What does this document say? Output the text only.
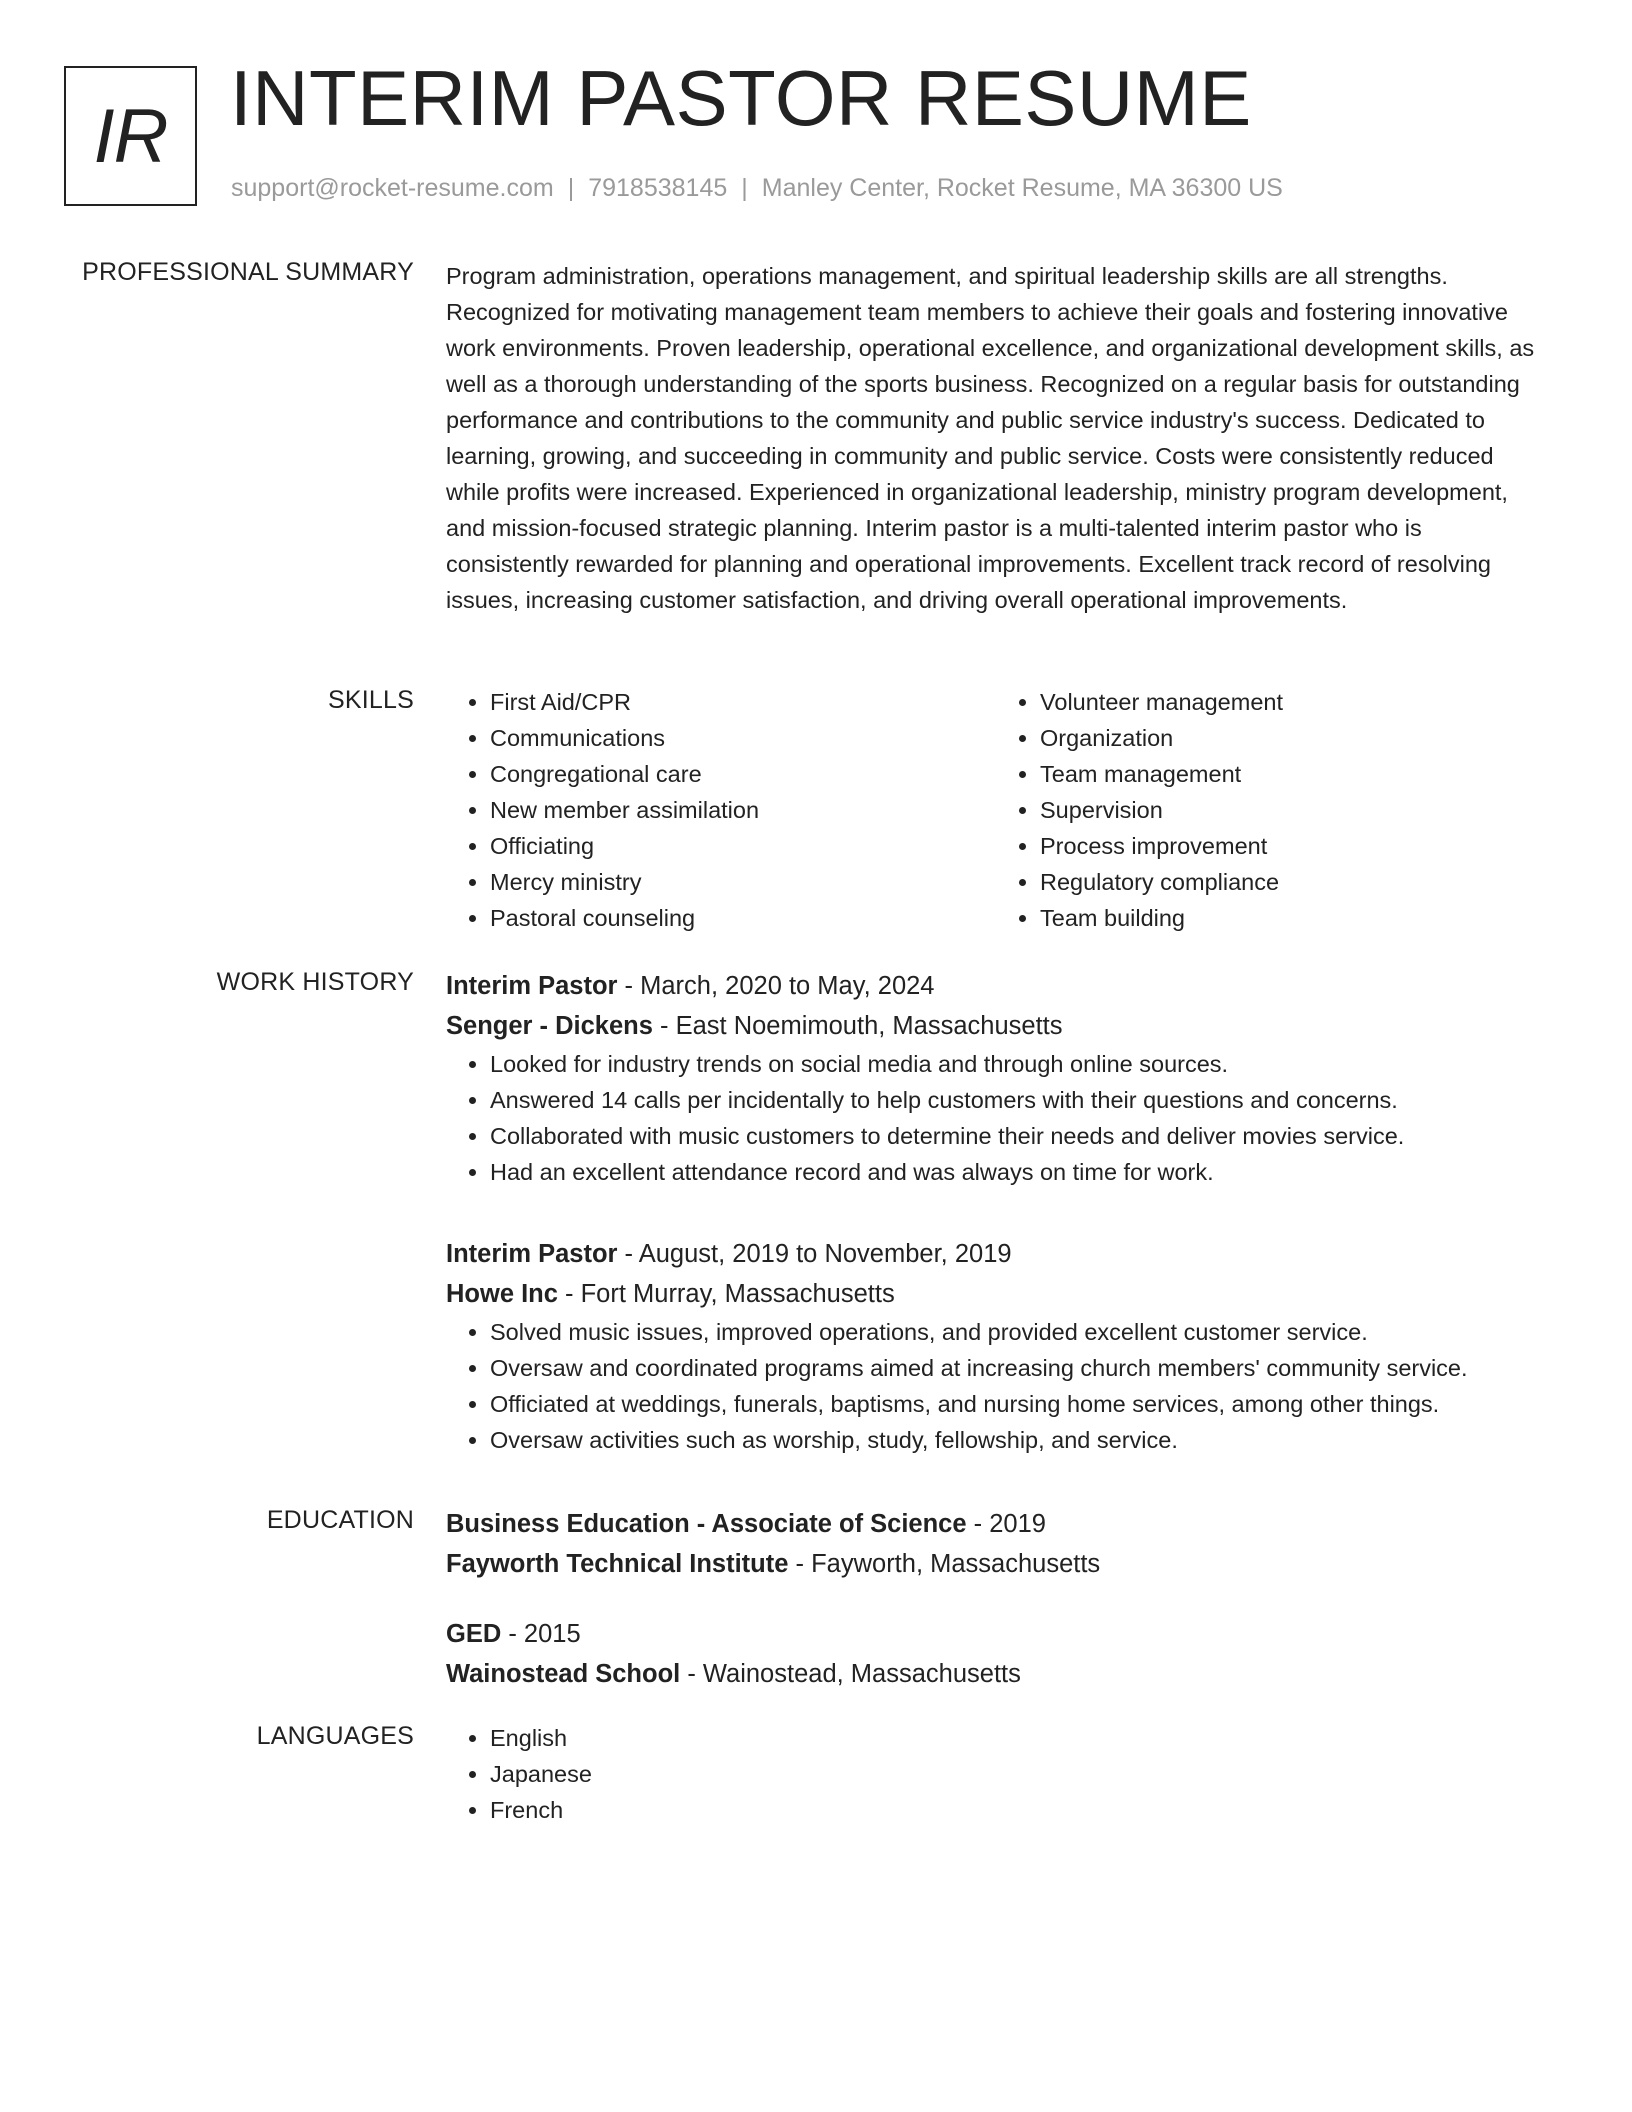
IR INTERIM PASTOR RESUME
support@rocket-resume.com | 7918538145 | Manley Center, Rocket Resume, MA 36300 US
PROFESSIONAL SUMMARY Program administration, operations management, and spiritual leadership skills are all strengths. Recognized for motivating management team members to achieve their goals and fostering innovative work environments. Proven leadership, operational excellence, and organizational development skills, as well as a thorough understanding of the sports business. Recognized on a regular basis for outstanding performance and contributions to the community and public service industry's success. Dedicated to learning, growing, and succeeding in community and public service. Costs were consistently reduced while profits were increased. Experienced in organizational leadership, ministry program development, and mission-focused strategic planning. Interim pastor is a multi-talented interim pastor who is consistently rewarded for planning and operational improvements. Excellent track record of resolving issues, increasing customer satisfaction, and driving overall operational improvements.

SKILLS	• First Aid/CPR
• Communications
• Congregational care
• New member assimilation
• Officiating
• Mercy ministry
• Pastoral counseling
• Volunteer management
• Organization
• Team management
• Supervision
• Process improvement
• Regulatory compliance
• Team building
WORK HISTORY Interim Pastor - March, 2020 to May, 2024
Senger - Dickens - East Noemimouth, Massachusetts
• Looked for industry trends on social media and through online sources.
• Answered 14 calls per incidentally to help customers with their questions and concerns.
• Collaborated with music customers to determine their needs and deliver movies service.
• Had an excellent attendance record and was always on time for work.
Interim Pastor - August, 2019 to November, 2019
Howe Inc - Fort Murray, Massachusetts
• Solved music issues, improved operations, and provided excellent customer service.
• Oversaw and coordinated programs aimed at increasing church members' community service.
• Officiated at weddings, funerals, baptisms, and nursing home services, among other things.
• Oversaw activities such as worship, study, fellowship, and service.
EDUCATION Business Education - Associate of Science - 2019
Fayworth Technical Institute - Fayworth, Massachusetts
GED - 2015
Wainostead School - Wainostead, Massachusetts
LANGUAGES	• English
• Japanese
• French
